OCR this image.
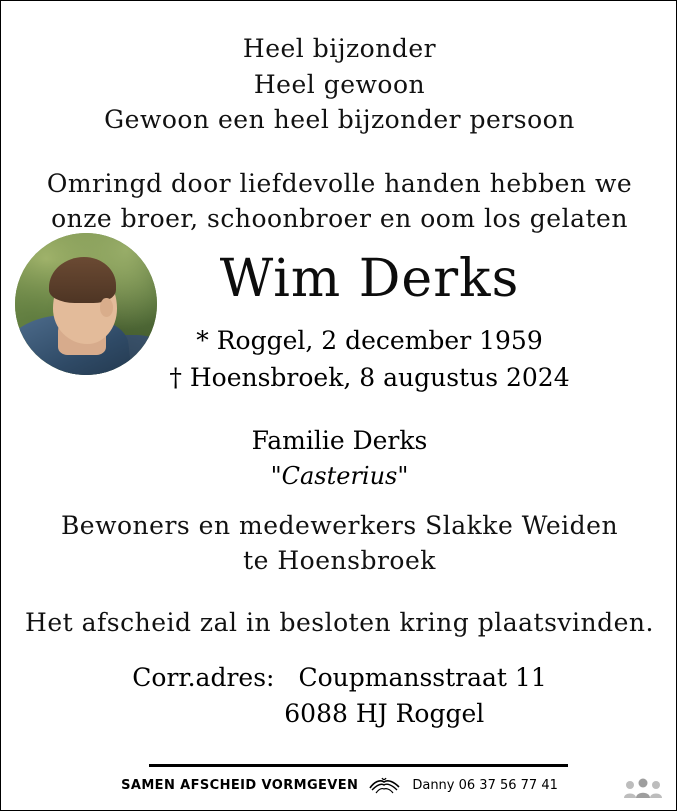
Heel bijzonder
Heel gewoon
Gewoon een heel bijzonder persoon
Omringd door liefdevolle handen hebben we
onze broer, schoonbroer en oom los gelaten
Wim Derks
* Roggel, 2 december 1959
† Hoensbroek, 8 augustus 2024
Familie Derks
"Casterius"
Bewoners en medewerkers Slakke Weiden
te Hoensbroek
Het afscheid zal in besloten kring plaatsvinden.
Corr.adres: Coupmansstraat 11
6088 HJ Roggel
SAMEN AFSCHEID VORMGEVEN	Danny 06 37 56 77 41
